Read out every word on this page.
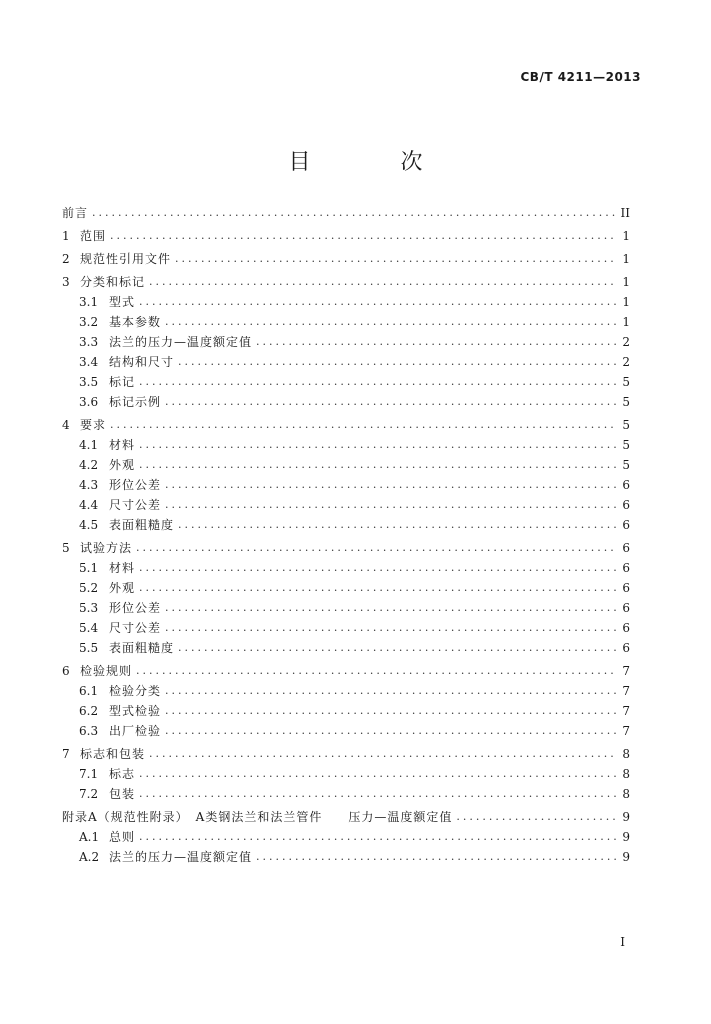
CB/T 4211—2013
目　次
前言 .....	II
1 范围 .....	1
2 规范性引用文件 .....	1
3 分类和标记 .....	1
3.1 型式 .....	1
3.2 基本参数 .....	1
3.3 法兰的压力—温度额定值 .....	2
3.4 结构和尺寸 .....	2
3.5 标记 .....	5
3.6 标记示例 .....	5
4 要求 .....	5
4.1 材料 .....	5
4.2 外观 .....	5
4.3 形位公差 .....	6
4.4 尺寸公差 .....	6
4.5 表面粗糙度 .....	6
5 试验方法 .....	6
5.1 材料 .....	6
5.2 外观 .....	6
5.3 形位公差 .....	6
5.4 尺寸公差 .....	6
5.5 表面粗糙度 .....	6
6 检验规则 .....	7
6.1 检验分类 .....	7
6.2 型式检验 .....	7
6.3 出厂检验 .....	7
7 标志和包装 .....	8
7.1 标志 .....	8
7.2 包装 .....	8
附录A（规范性附录）　A类钢法兰和法兰管件　　压力—温度额定值 .....	9
A.1 总则 .....	9
A.2 法兰的压力—温度额定值 .....	9
I
